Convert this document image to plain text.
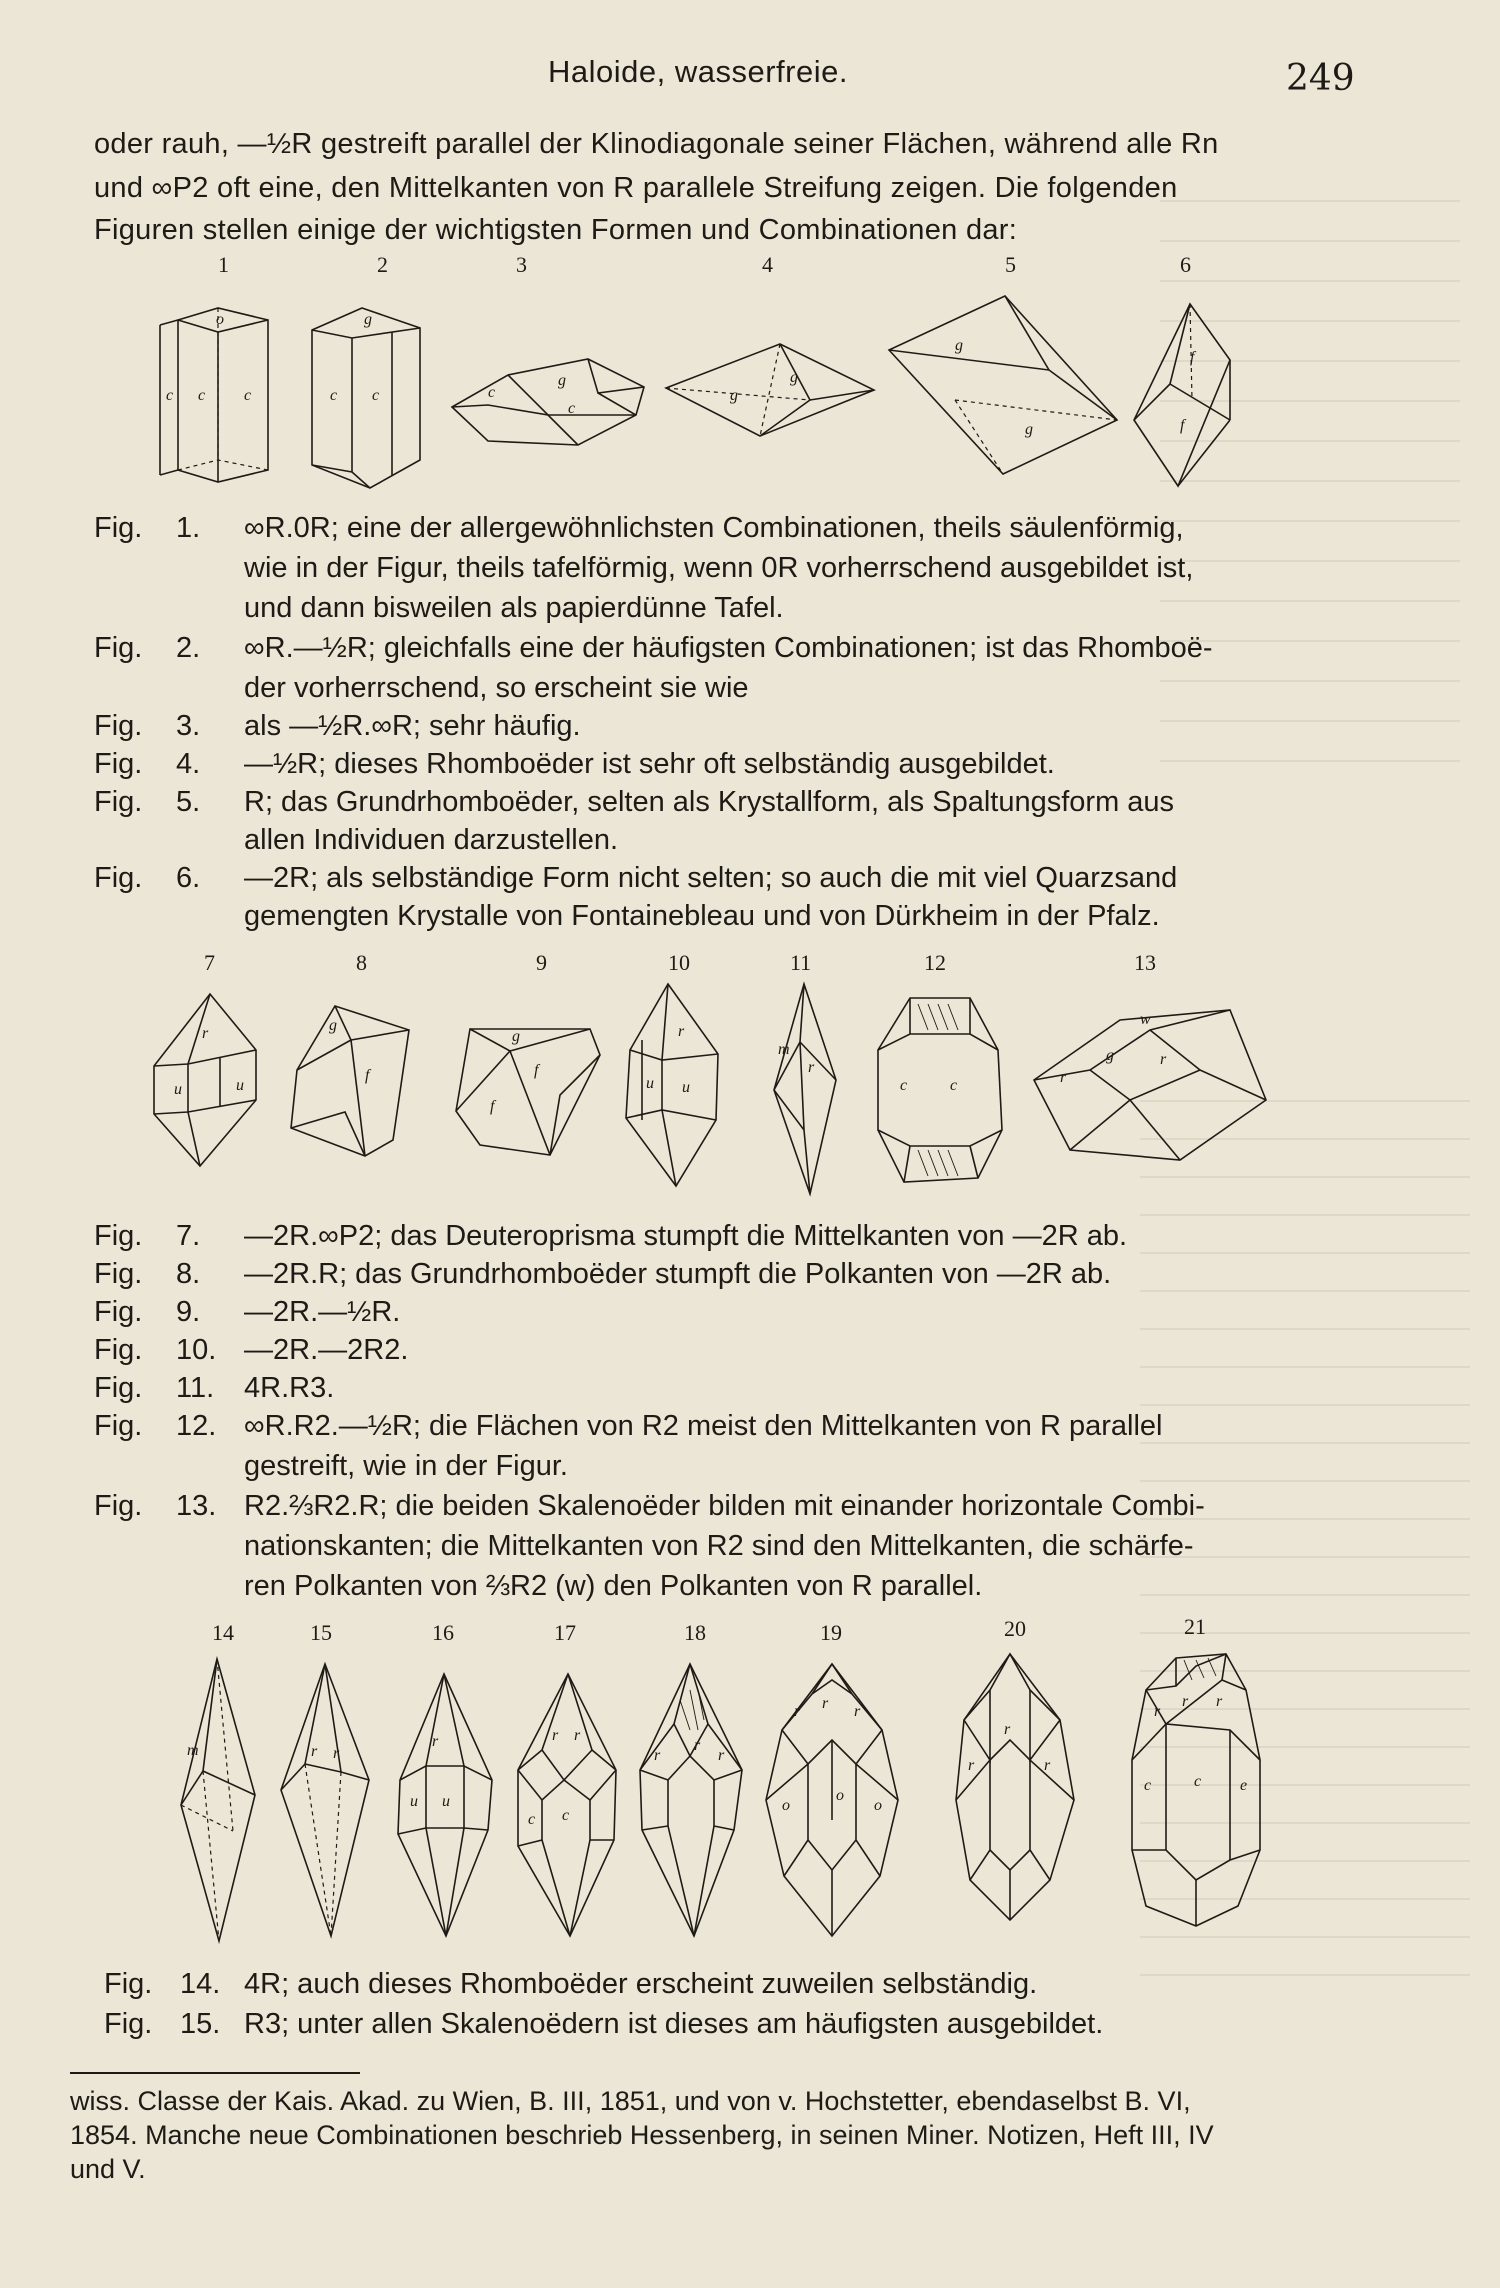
Haloide, wasserfreie.	249
oder rauh, —½R gestreift parallel der Klinodiagonale seiner Flächen, während alle Rn
und ∞P2 oft eine, den Mittelkanten von R parallele Streifung zeigen. Die folgenden
Figuren stellen einige der wichtigsten Formen und Combinationen dar:
1	2	3	4	5	6
o
c c c
g
c c
g
c
c
g
g
g
g
f
f
Fig. 1. ∞R.0R; eine der allergewöhnlichsten Combinationen, theils säulenförmig,
wie in der Figur, theils tafelförmig, wenn 0R vorherrschend ausgebildet ist,
und dann bisweilen als papierdünne Tafel.
Fig. 2. ∞R.—½R; gleichfalls eine der häufigsten Combinationen; ist das Rhomboë-
der vorherrschend, so erscheint sie wie
Fig. 3. als —½R.∞R; sehr häufig.
Fig. 4. —½R; dieses Rhomboëder ist sehr oft selbständig ausgebildet.
Fig. 5. R; das Grundrhomboëder, selten als Krystallform, als Spaltungsform aus
allen Individuen darzustellen.
Fig. 6. —2R; als selbständige Form nicht selten; so auch die mit viel Quarzsand
gemengten Krystalle von Fontainebleau und von Dürkheim in der Pfalz.
7	8	9	10	11	12	13
r
u	u
g
f
g
f
f
r
u u
m
r
c	c
w
g
r
r
Fig. 7. —2R.∞P2; das Deuteroprisma stumpft die Mittelkanten von —2R ab.
Fig. 8. —2R.R; das Grundrhomboëder stumpft die Polkanten von —2R ab.
Fig. 9. —2R.—½R.
Fig. 10. —2R.—2R2.
Fig. 11. 4R.R3.
Fig. 12. ∞R.R2.—½R; die Flächen von R2 meist den Mittelkanten von R parallel
gestreift, wie in der Figur.
Fig. 13. R2.⅔R2.R; die beiden Skalenoëder bilden mit einander horizontale Combi-
nationskanten; die Mittelkanten von R2 sind den Mittelkanten, die schärfe-
ren Polkanten von ⅔R2 (w) den Polkanten von R parallel.
14	15	16	17	18	19	20	21
m	r r
r
u u
r r
c c
r
r
r
r r r
o
o
o
r
r
r
r
r r
c	c e
Fig. 14. 4R; auch dieses Rhomboëder erscheint zuweilen selbständig.
Fig. 15. R3; unter allen Skalenoëdern ist dieses am häufigsten ausgebildet.
wiss. Classe der Kais. Akad. zu Wien, B. III, 1851, und von v. Hochstetter, ebendaselbst B. VI,
1854. Manche neue Combinationen beschrieb Hessenberg, in seinen Miner. Notizen, Heft III, IV
und V.
